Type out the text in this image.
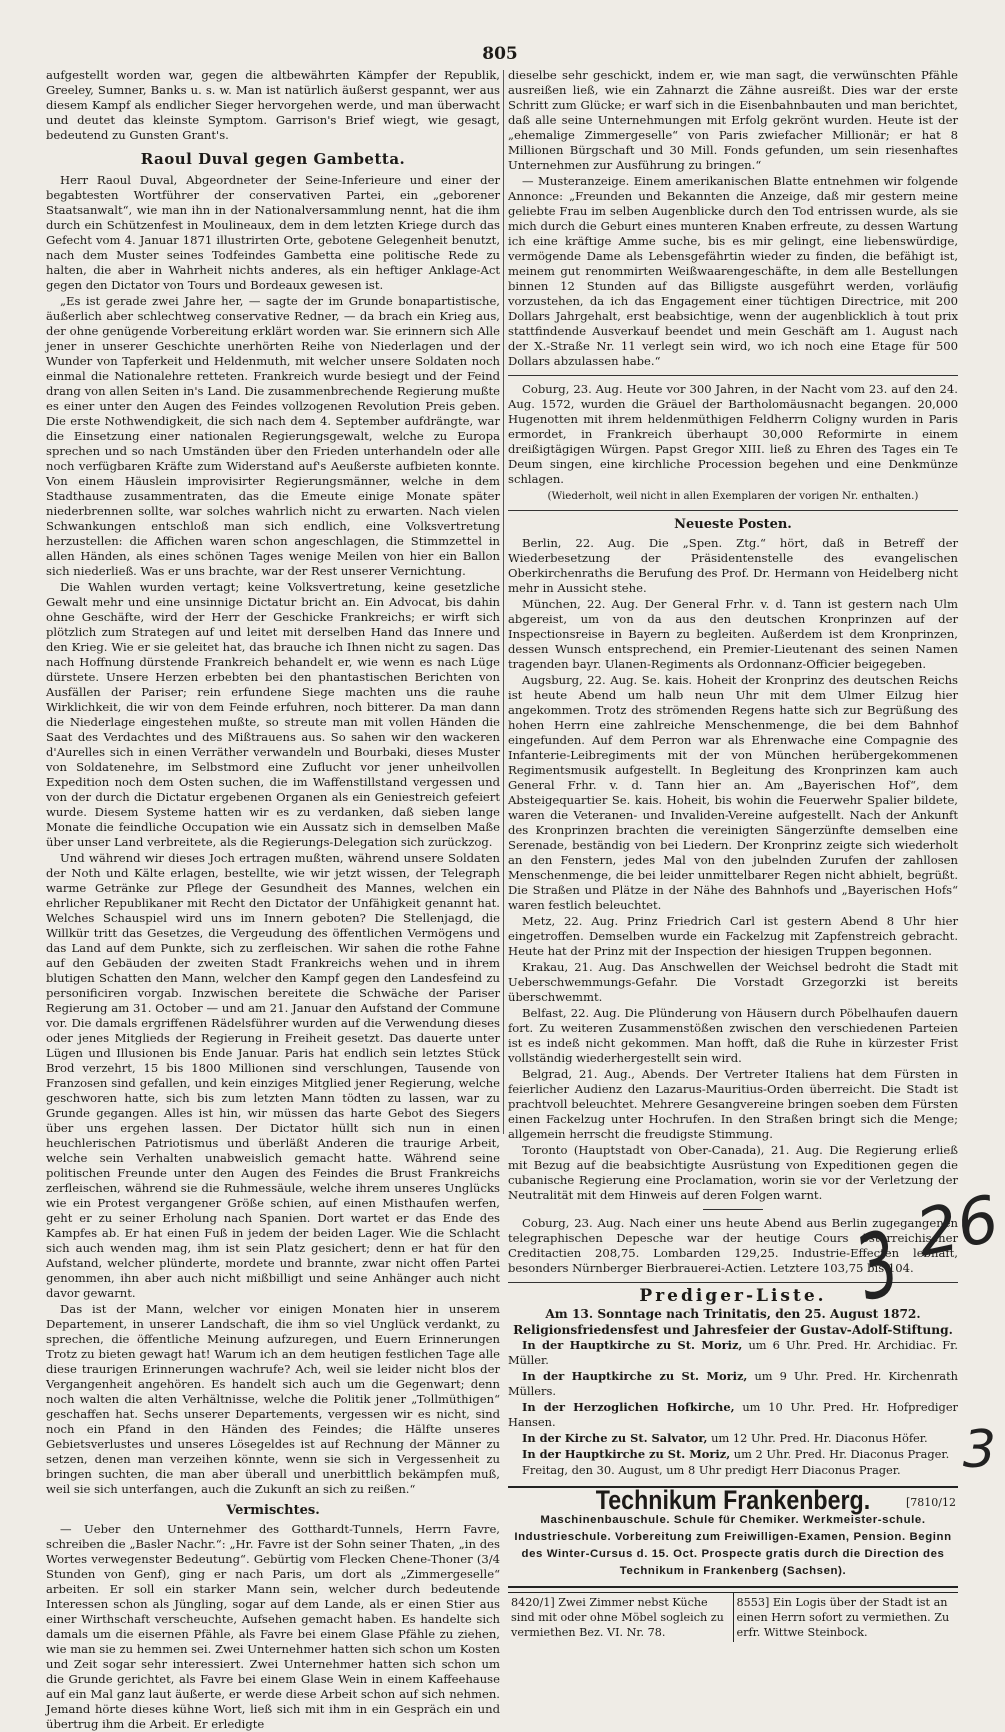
805

aufgestellt worden war, gegen die altbewährten Kämpfer der Republik, Greeley, Sumner, Banks u. s. w. Man ist natürlich äußerst gespannt, wer aus diesem Kampf als endlicher Sieger hervorgehen werde, und man überwacht und deutet das kleinste Symptom. Garrison's Brief wiegt, wie gesagt, bedeutend zu Gunsten Grant's.

Raoul Duval gegen Gambetta.

Herr Raoul Duval, Abgeordneter der Seine-Inferieure und einer der begabtesten Wortführer der conservativen Partei, ein „geborener Staatsanwalt“, wie man ihn in der Nationalversammlung nennt, hat die ihm durch ein Schützenfest in Moulineaux, dem in dem letzten Kriege durch das Gefecht vom 4. Januar 1871 illustrirten Orte, gebotene Gelegenheit benutzt, nach dem Muster seines Todfeindes Gambetta eine politische Rede zu halten, die aber in Wahrheit nichts anderes, als ein heftiger Anklage-Act gegen den Dictator von Tours und Bordeaux gewesen ist.

„Es ist gerade zwei Jahre her, — sagte der im Grunde bonapartistische, äußerlich aber schlechtweg conservative Redner, — da brach ein Krieg aus, der ohne genügende Vorbereitung erklärt worden war. Sie erinnern sich Alle jener in unserer Geschichte unerhörten Reihe von Niederlagen und der Wunder von Tapferkeit und Heldenmuth, mit welcher unsere Soldaten noch einmal die Nationalehre retteten. Frankreich wurde besiegt und der Feind drang von allen Seiten in's Land. Die zusammenbrechende Regierung mußte es einer unter den Augen des Feindes vollzogenen Revolution Preis geben. Die erste Nothwendigkeit, die sich nach dem 4. September aufdrängte, war die Einsetzung einer nationalen Regierungsgewalt, welche zu Europa sprechen und so nach Umständen über den Frieden unterhandeln oder alle noch verfügbaren Kräfte zum Widerstand auf's Aeußerste aufbieten konnte. Von einem Häuslein improvisirter Regierungsmänner, welche in dem Stadthause zusammentraten, das die Emeute einige Monate später niederbrennen sollte, war solches wahrlich nicht zu erwarten. Nach vielen Schwankungen entschloß man sich endlich, eine Volksvertretung herzustellen: die Affichen waren schon angeschlagen, die Stimmzettel in allen Händen, als eines schönen Tages wenige Meilen von hier ein Ballon sich niederließ. Was er uns brachte, war der Rest unserer Vernichtung.

Die Wahlen wurden vertagt; keine Volksvertretung, keine gesetzliche Gewalt mehr und eine unsinnige Dictatur bricht an. Ein Advocat, bis dahin ohne Geschäfte, wird der Herr der Geschicke Frankreichs; er wirft sich plötzlich zum Strategen auf und leitet mit derselben Hand das Innere und den Krieg. Wie er sie geleitet hat, das brauche ich Ihnen nicht zu sagen. Das nach Hoffnung dürstende Frankreich behandelt er, wie wenn es nach Lüge dürstete. Unsere Herzen erbebten bei den phantastischen Berichten von Ausfällen der Pariser; rein erfundene Siege machten uns die rauhe Wirklichkeit, die wir von dem Feinde erfuhren, noch bitterer. Da man dann die Niederlage eingestehen mußte, so streute man mit vollen Händen die Saat des Verdachtes und des Mißtrauens aus. So sahen wir den wackeren d'Aurelles sich in einen Verräther verwandeln und Bourbaki, dieses Muster von Soldatenehre, im Selbstmord eine Zuflucht vor jener unheilvollen Expedition noch dem Osten suchen, die im Waffenstillstand vergessen und von der durch die Dictatur ergebenen Organen als ein Geniestreich gefeiert wurde. Diesem Systeme hatten wir es zu verdanken, daß sieben lange Monate die feindliche Occupation wie ein Aussatz sich in demselben Maße über unser Land verbreitete, als die Regierungs-Delegation sich zurückzog.

Und während wir dieses Joch ertragen mußten, während unsere Soldaten der Noth und Kälte erlagen, bestellte, wie wir jetzt wissen, der Telegraph warme Getränke zur Pflege der Gesundheit des Mannes, welchen ein ehrlicher Republikaner mit Recht den Dictator der Unfähigkeit genannt hat. Welches Schauspiel wird uns im Innern geboten? Die Stellenjagd, die Willkür tritt das Gesetzes, die Vergeudung des öffentlichen Vermögens und das Land auf dem Punkte, sich zu zerfleischen. Wir sahen die rothe Fahne auf den Gebäuden der zweiten Stadt Frankreichs wehen und in ihrem blutigen Schatten den Mann, welcher den Kampf gegen den Landesfeind zu personificiren vorgab. Inzwischen bereitete die Schwäche der Pariser Regierung am 31. October — und am 21. Januar den Aufstand der Commune vor. Die damals ergriffenen Rädelsführer wurden auf die Verwendung dieses oder jenes Mitglieds der Regierung in Freiheit gesetzt. Das dauerte unter Lügen und Illusionen bis Ende Januar. Paris hat endlich sein letztes Stück Brod verzehrt, 15 bis 1800 Millionen sind verschlungen, Tausende von Franzosen sind gefallen, und kein einziges Mitglied jener Regierung, welche geschworen hatte, sich bis zum letzten Mann tödten zu lassen, war zu Grunde gegangen. Alles ist hin, wir müssen das harte Gebot des Siegers über uns ergehen lassen. Der Dictator hüllt sich nun in einen heuchlerischen Patriotismus und überläßt Anderen die traurige Arbeit, welche sein Verhalten unabweislich gemacht hatte. Während seine politischen Freunde unter den Augen des Feindes die Brust Frankreichs zerfleischen, während sie die Ruhmessäule, welche ihrem unseres Unglücks wie ein Protest vergangener Größe schien, auf einen Misthaufen werfen, geht er zu seiner Erholung nach Spanien. Dort wartet er das Ende des Kampfes ab. Er hat einen Fuß in jedem der beiden Lager. Wie die Schlacht sich auch wenden mag, ihm ist sein Platz gesichert; denn er hat für den Aufstand, welcher plünderte, mordete und brannte, zwar nicht offen Partei genommen, ihn aber auch nicht mißbilligt und seine Anhänger auch nicht davor gewarnt.

Das ist der Mann, welcher vor einigen Monaten hier in unserem Departement, in unserer Landschaft, die ihm so viel Unglück verdankt, zu sprechen, die öffentliche Meinung aufzuregen, und Euern Erinnerungen Trotz zu bieten gewagt hat! Warum ich an dem heutigen festlichen Tage alle diese traurigen Erinnerungen wachrufe? Ach, weil sie leider nicht blos der Vergangenheit angehören. Es handelt sich auch um die Gegenwart; denn noch walten die alten Verhältnisse, welche die Politik jener „Tollmüthigen“ geschaffen hat. Sechs unserer Departements, vergessen wir es nicht, sind noch ein Pfand in den Händen des Feindes; die Hälfte unseres Gebietsverlustes und unseres Lösegeldes ist auf Rechnung der Männer zu setzen, denen man verzeihen könnte, wenn sie sich in Vergessenheit zu bringen suchten, die man aber überall und unerbittlich bekämpfen muß, weil sie sich unterfangen, auch die Zukunft an sich zu reißen.“

Vermischtes.

— Ueber den Unternehmer des Gotthardt-Tunnels, Herrn Favre, schreiben die „Basler Nachr.“: „Hr. Favre ist der Sohn seiner Thaten, „in des Wortes verwegenster Bedeutung“. Gebürtig vom Flecken Chene-Thoner (3/4 Stunden von Genf), ging er nach Paris, um dort als „Zimmergeselle“ arbeiten. Er soll ein starker Mann sein, welcher durch bedeutende Interessen schon als Jüngling, sogar auf dem Lande, als er einen Stier aus einer Wirthschaft verscheuchte, Aufsehen gemacht haben. Es handelte sich damals um die eisernen Pfähle, als Favre bei einem Glase Pfähle zu ziehen, wie man sie zu hemmen sei. Zwei Unternehmer hatten sich schon um Kosten und Zeit sogar sehr interessiert. Zwei Unternehmer hatten sich schon um die Grunde gerichtet, als Favre bei einem Glase Wein in einem Kaffeehause auf ein Mal ganz laut äußerte, er werde diese Arbeit schon auf sich nehmen. Jemand hörte dieses kühne Wort, ließ sich mit ihm in ein Gespräch ein und übertrug ihm die Arbeit. Er erledigte

dieselbe sehr geschickt, indem er, wie man sagt, die verwünschten Pfähle ausreißen ließ, wie ein Zahnarzt die Zähne ausreißt. Dies war der erste Schritt zum Glücke; er warf sich in die Eisenbahnbauten und man berichtet, daß alle seine Unternehmungen mit Erfolg gekrönt wurden. Heute ist der „ehemalige Zimmergeselle“ von Paris zwiefacher Millionär; er hat 8 Millionen Bürgschaft und 30 Mill. Fonds gefunden, um sein riesenhaftes Unternehmen zur Ausführung zu bringen.“

— Musteranzeige. Einem amerikanischen Blatte entnehmen wir folgende Annonce: „Freunden und Bekannten die Anzeige, daß mir gestern meine geliebte Frau im selben Augenblicke durch den Tod entrissen wurde, als sie mich durch die Geburt eines munteren Knaben erfreute, zu dessen Wartung ich eine kräftige Amme suche, bis es mir gelingt, eine liebenswürdige, vermögende Dame als Lebensgefährtin wieder zu finden, die befähigt ist, meinem gut renommirten Weißwaarengeschäfte, in dem alle Bestellungen binnen 12 Stunden auf das Billigste ausgeführt werden, vorläufig vorzustehen, da ich das Engagement einer tüchtigen Directrice, mit 200 Dollars Jahrgehalt, erst beabsichtige, wenn der augenblicklich à tout prix stattfindende Ausverkauf beendet und mein Geschäft am 1. August nach der X.-Straße Nr. 11 verlegt sein wird, wo ich noch eine Etage für 500 Dollars abzulassen habe.“

Coburg, 23. Aug. Heute vor 300 Jahren, in der Nacht vom 23. auf den 24. Aug. 1572, wurden die Gräuel der Bartholomäusnacht begangen. 20,000 Hugenotten mit ihrem heldenmüthigen Feldherrn Coligny wurden in Paris ermordet, in Frankreich überhaupt 30,000 Reformirte in einem dreißigtägigen Würgen. Papst Gregor XIII. ließ zu Ehren des Tages ein Te Deum singen, eine kirchliche Procession begehen und eine Denkmünze schlagen.

(Wiederholt, weil nicht in allen Exemplaren der vorigen Nr. enthalten.)
Neueste Posten.

Berlin, 22. Aug. Die „Spen. Ztg.“ hört, daß in Betreff der Wiederbesetzung der Präsidentenstelle des evangelischen Oberkirchenraths die Berufung des Prof. Dr. Hermann von Heidelberg nicht mehr in Aussicht stehe.

München, 22. Aug. Der General Frhr. v. d. Tann ist gestern nach Ulm abgereist, um von da aus den deutschen Kronprinzen auf der Inspectionsreise in Bayern zu begleiten. Außerdem ist dem Kronprinzen, dessen Wunsch entsprechend, ein Premier-Lieutenant des seinen Namen tragenden bayr. Ulanen-Regiments als Ordonnanz-Officier beigegeben.

Augsburg, 22. Aug. Se. kais. Hoheit der Kronprinz des deutschen Reichs ist heute Abend um halb neun Uhr mit dem Ulmer Eilzug hier angekommen. Trotz des strömenden Regens hatte sich zur Begrüßung des hohen Herrn eine zahlreiche Menschenmenge, die bei dem Bahnhof eingefunden. Auf dem Perron war als Ehrenwache eine Compagnie des Infanterie-Leibregiments mit der von München herübergekommenen Regimentsmusik aufgestellt. In Begleitung des Kronprinzen kam auch General Frhr. v. d. Tann hier an. Am „Bayerischen Hof“, dem Absteigequartier Se. kais. Hoheit, bis wohin die Feuerwehr Spalier bildete, waren die Veteranen- und Invaliden-Vereine aufgestellt. Nach der Ankunft des Kronprinzen brachten die vereinigten Sängerzünfte demselben eine Serenade, beständig von bei Liedern. Der Kronprinz zeigte sich wiederholt an den Fenstern, jedes Mal von den jubelnden Zurufen der zahllosen Menschenmenge, die bei leider unmittelbarer Regen nicht abhielt, begrüßt. Die Straßen und Plätze in der Nähe des Bahnhofs und „Bayerischen Hofs“ waren festlich beleuchtet.

Metz, 22. Aug. Prinz Friedrich Carl ist gestern Abend 8 Uhr hier eingetroffen. Demselben wurde ein Fackelzug mit Zapfenstreich gebracht. Heute hat der Prinz mit der Inspection der hiesigen Truppen begonnen.

Krakau, 21. Aug. Das Anschwellen der Weichsel bedroht die Stadt mit Ueberschwemmungs-Gefahr. Die Vorstadt Grzegorzki ist bereits überschwemmt.

Belfast, 22. Aug. Die Plünderung von Häusern durch Pöbelhaufen dauern fort. Zu weiteren Zusammenstößen zwischen den verschiedenen Parteien ist es indeß nicht gekommen. Man hofft, daß die Ruhe in kürzester Frist vollständig wiederhergestellt sein wird.

Belgrad, 21. Aug., Abends. Der Vertreter Italiens hat dem Fürsten in feierlicher Audienz den Lazarus-Mauritius-Orden überreicht. Die Stadt ist prachtvoll beleuchtet. Mehrere Gesangvereine bringen soeben dem Fürsten einen Fackelzug unter Hochrufen. In den Straßen bringt sich die Menge; allgemein herrscht die freudigste Stimmung.

Toronto (Hauptstadt von Ober-Canada), 21. Aug. Die Regierung erließ mit Bezug auf die beabsichtigte Ausrüstung von Expeditionen gegen die cubanische Regierung eine Proclamation, worin sie vor der Verletzung der Neutralität mit dem Hinweis auf deren Folgen warnt.

Coburg, 23. Aug. Nach einer uns heute Abend aus Berlin zugegangenen telegraphischen Depesche war der heutige Cours österreichischer Creditactien 208,75. Lombarden 129,25. Industrie-Effecten lebhaft, besonders Nürnberger Bierbrauerei-Actien. Letztere 103,75 bis 104.

Prediger-Liste.
Am 13. Sonntage nach Trinitatis, den 25. August 1872.
Religionsfriedensfest und Jahresfeier der Gustav-Adolf-Stiftung.

In der Hauptkirche zu St. Moriz, um 6 Uhr. Pred. Hr. Archidiac. Fr. Müller.

In der Hauptkirche zu St. Moriz, um 9 Uhr. Pred. Hr. Kirchenrath Müllers.

In der Herzoglichen Hofkirche, um 10 Uhr. Pred. Hr. Hofprediger Hansen.

In der Kirche zu St. Salvator, um 12 Uhr. Pred. Hr. Diaconus Höfer.

In der Hauptkirche zu St. Moriz, um 2 Uhr. Pred. Hr. Diaconus Prager.

Freitag, den 30. August, um 8 Uhr predigt Herr Diaconus Prager.

[7810/12
Technikum Frankenberg.
Maschinenbauschule. Schule für Chemiker. Werkmeister-schule. Industrieschule. Vorbereitung zum Freiwilligen-Examen, Pension. Beginn des Winter-Cursus d. 15. Oct. Prospecte gratis durch die Direction des Technikum in Frankenberg (Sachsen).
8420/1] Zwei Zimmer nebst Küche sind mit oder ohne Möbel sogleich zu vermiethen Bez. VI. Nr. 78.
8553] Ein Logis über der Stadt ist an einen Herrn sofort zu vermiethen. Zu erfr. Wittwe Steinbock.
26
3
3
